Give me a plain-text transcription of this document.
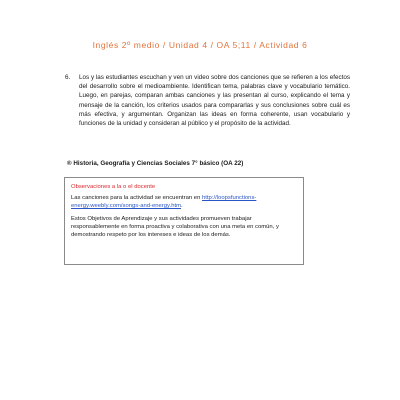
Inglés 2º medio / Unidad 4 / OA 5;11 / Actividad 6
6. Los y las estudiantes escuchan y ven un video sobre dos canciones que se refieren a los efectos del desarrollo sobre el medioambiente. Identifican tema, palabras clave y vocabulario temático. Luego, en parejas, comparan ambas canciones y las presentan al curso, explicando el tema y mensaje de la canción, los criterios usados para compararlas y sus conclusiones sobre cuál es más efectiva, y argumentan. Organizan las ideas en forma coherente, usan vocabulario y funciones de la unidad y consideran al público y el propósito de la actividad.
® Historia, Geografía y Ciencias Sociales 7° básico (OA 22)
Observaciones a la o el docente

Las canciones para la actividad se encuentran en http://loopsfunctions-energy.weebly.com/songs-and-energy.htm.

Estos Objetivos de Aprendizaje y sus actividades promueven trabajar responsablemente en forma proactiva y colaborativa con una meta en común, y demostrando respeto por los intereses e ideas de los demás.
